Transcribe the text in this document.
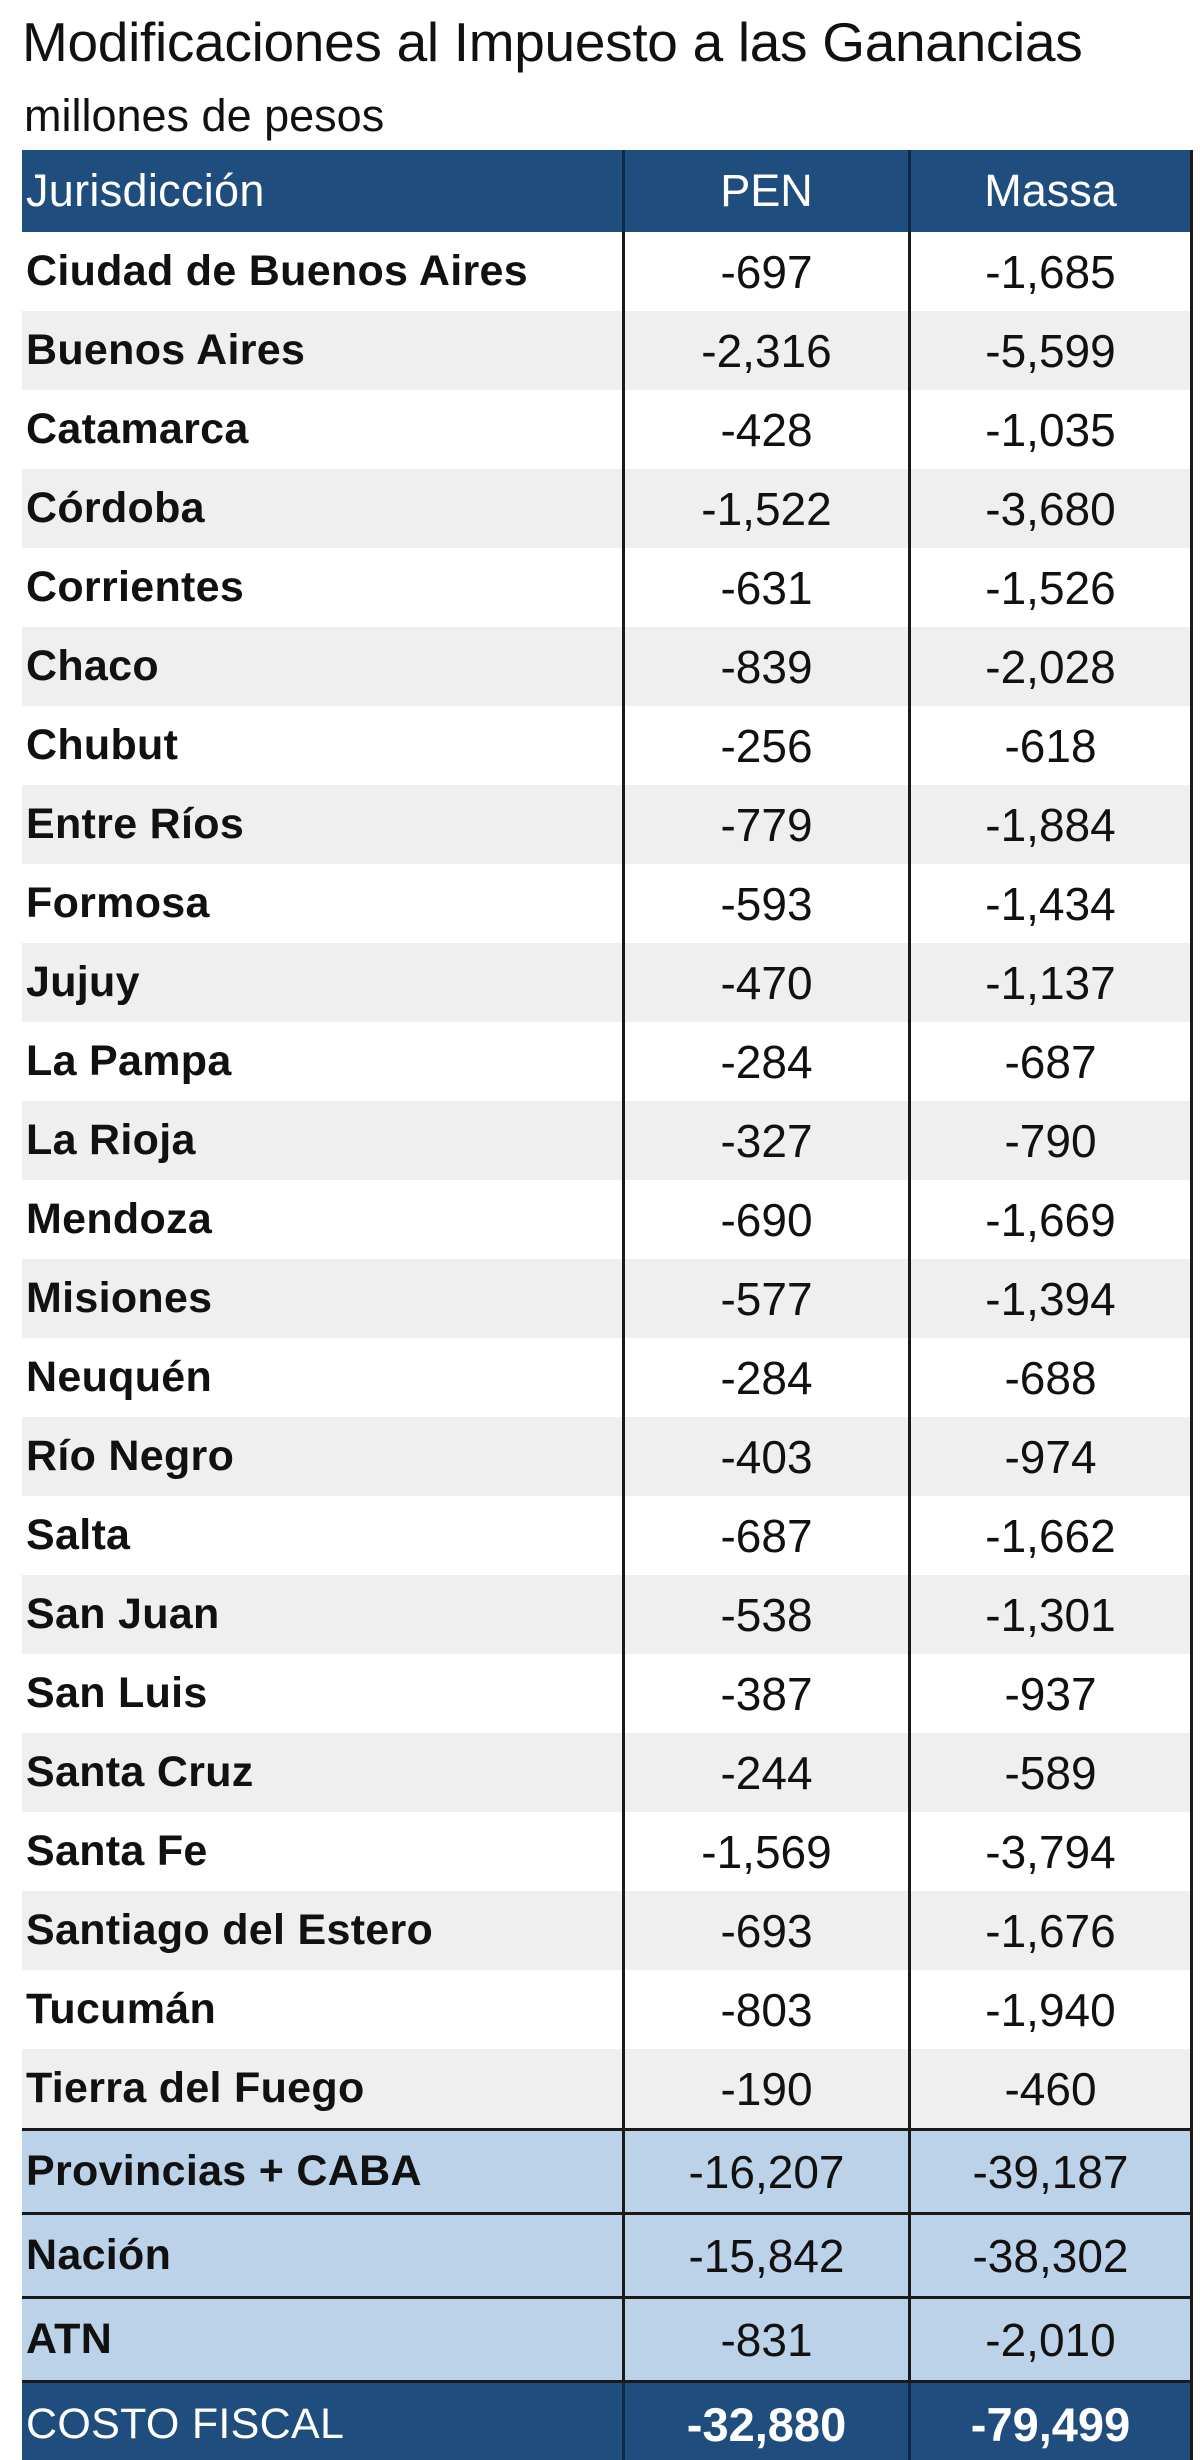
Modificaciones al Impuesto a las Ganancias
millones de pesos
Jurisdicción	PEN	Massa
Ciudad de Buenos Aires	-697	-1,685
Buenos Aires	-2,316	-5,599
Catamarca	-428	-1,035
Córdoba	-1,522	-3,680
Corrientes	-631	-1,526
Chaco	-839	-2,028
Chubut	-256	-618
Entre Ríos	-779	-1,884
Formosa	-593	-1,434
Jujuy	-470	-1,137
La Pampa	-284	-687
La Rioja	-327	-790
Mendoza	-690	-1,669
Misiones	-577	-1,394
Neuquén	-284	-688
Río Negro	-403	-974
Salta	-687	-1,662
San Juan	-538	-1,301
San Luis	-387	-937
Santa Cruz	-244	-589
Santa Fe	-1,569	-3,794
Santiago del Estero	-693	-1,676
Tucumán	-803	-1,940
Tierra del Fuego	-190	-460
Provincias + CABA	-16,207	-39,187
Nación	-15,842	-38,302
ATN	-831	-2,010
COSTO FISCAL	-32,880	-79,499
